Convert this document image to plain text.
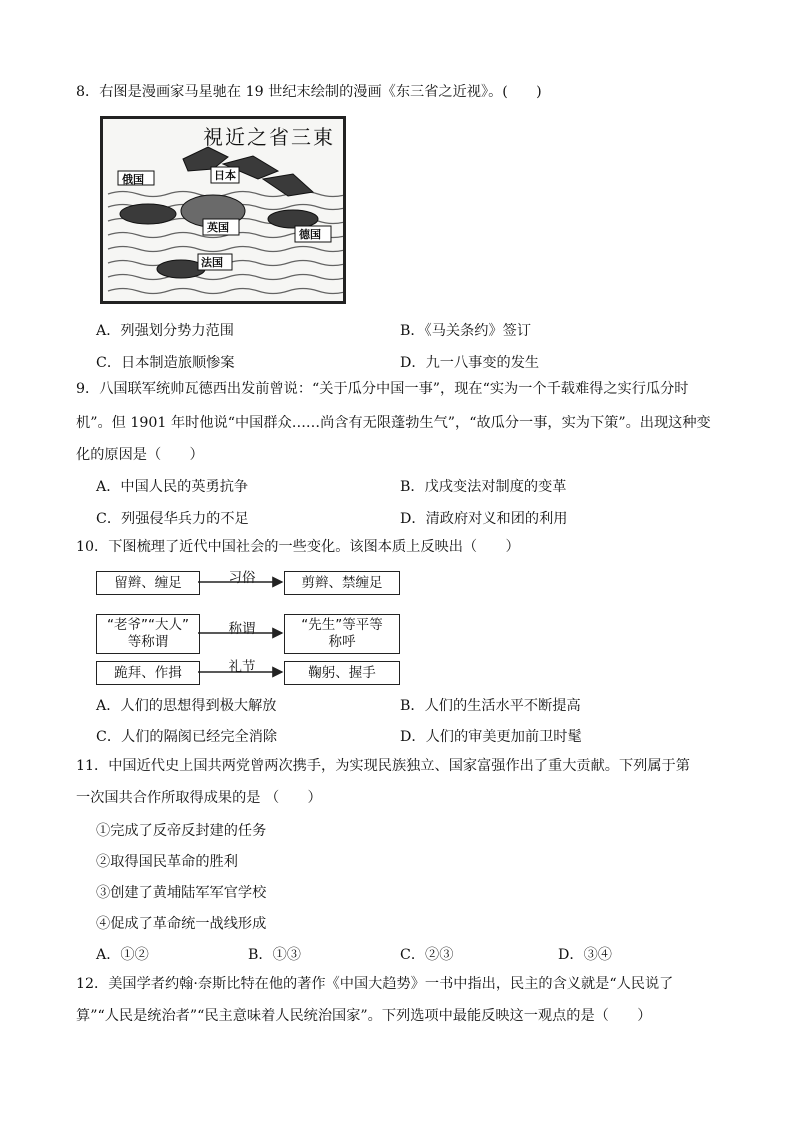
8．右图是漫画家马星驰在 19 世纪末绘制的漫画《东三省之近视》。(　　)
視近之省三東
日本
俄国
英国
德国
法国
A．列强划分势力范围	B．《马关条约》签订
C．日本制造旅顺惨案	D．九一八事变的发生
9．八国联军统帅瓦德西出发前曾说：“关于瓜分中国一事”，现在“实为一个千载难得之实行瓜分时
机”。但 1901 年时他说“中国群众……尚含有无限蓬勃生气”，“故瓜分一事，实为下策”。出现这种变
化的原因是（　　）
A．中国人民的英勇抗争	B．戊戌变法对制度的变革
C．列强侵华兵力的不足	D．清政府对义和团的利用
10．下图梳理了近代中国社会的一些变化。该图本质上反映出（　　）
留辫、缠足	习俗	剪辫、禁缠足
“老爷”“大人”
等称谓
称谓	“先生”等平等
称呼
跪拜、作揖	礼节	鞠躬、握手
A．人们的思想得到极大解放	B．人们的生活水平不断提高
C．人们的隔阂已经完全消除	D．人们的审美更加前卫时髦
11．中国近代史上国共两党曾两次携手，为实现民族独立、国家富强作出了重大贡献。下列属于第
一次国共合作所取得成果的是 （　　）
①完成了反帝反封建的任务
②取得国民革命的胜利
③创建了黄埔陆军军官学校
④促成了革命统一战线形成
A．①②	B．①③	C．②③	D．③④
12．美国学者约翰·奈斯比特在他的著作《中国大趋势》一书中指出，民主的含义就是“人民说了
算”“人民是统治者”“民主意味着人民统治国家”。下列选项中最能反映这一观点的是（　　）
